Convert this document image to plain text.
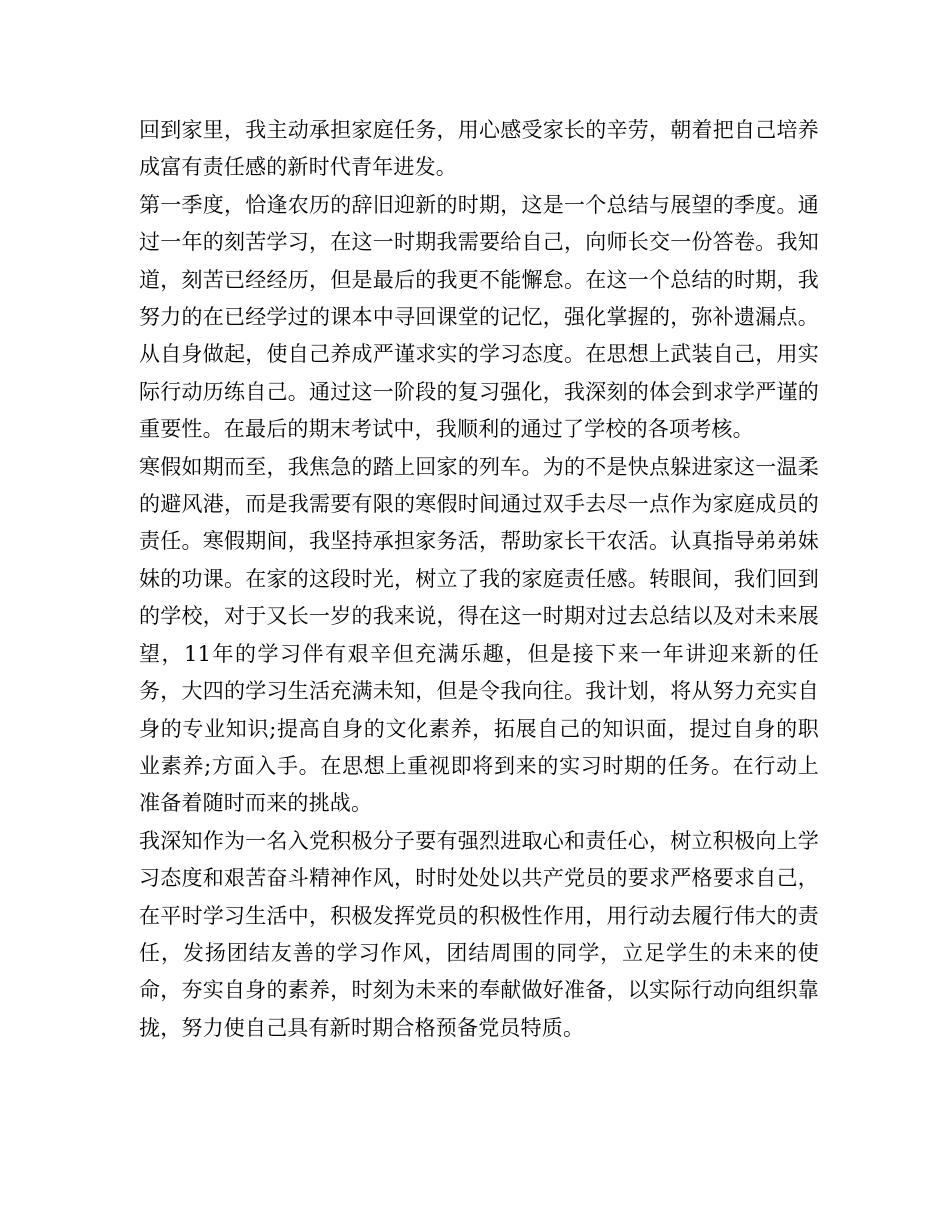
回到家里，我主动承担家庭任务，用心感受家长的辛劳，朝着把自己培养成富有责任感的新时代青年进发。

第一季度，恰逢农历的辞旧迎新的时期，这是一个总结与展望的季度。通过一年的刻苦学习，在这一时期我需要给自己，向师长交一份答卷。我知道，刻苦已经经历，但是最后的我更不能懈怠。在这一个总结的时期，我努力的在已经学过的课本中寻回课堂的记忆，强化掌握的，弥补遗漏点。从自身做起，使自己养成严谨求实的学习态度。在思想上武装自己，用实际行动历练自己。通过这一阶段的复习强化，我深刻的体会到求学严谨的重要性。在最后的期末考试中，我顺利的通过了学校的各项考核。

寒假如期而至，我焦急的踏上回家的列车。为的不是快点躲进家这一温柔的避风港，而是我需要有限的寒假时间通过双手去尽一点作为家庭成员的责任。寒假期间，我坚持承担家务活，帮助家长干农活。认真指导弟弟妹妹的功课。在家的这段时光，树立了我的家庭责任感。转眼间，我们回到的学校，对于又长一岁的我来说，得在这一时期对过去总结以及对未来展望，11年的学习伴有艰辛但充满乐趣，但是接下来一年讲迎来新的任务，大四的学习生活充满未知，但是令我向往。我计划，将从努力充实自身的专业知识;提高自身的文化素养，拓展自己的知识面，提过自身的职业素养;方面入手。在思想上重视即将到来的实习时期的任务。在行动上准备着随时而来的挑战。

我深知作为一名入党积极分子要有强烈进取心和责任心，树立积极向上学习态度和艰苦奋斗精神作风，时时处处以共产党员的要求严格要求自己，在平时学习生活中，积极发挥党员的积极性作用，用行动去履行伟大的责任，发扬团结友善的学习作风，团结周围的同学，立足学生的未来的使命，夯实自身的素养，时刻为未来的奉献做好准备，以实际行动向组织靠拢，努力使自己具有新时期合格预备党员特质。
